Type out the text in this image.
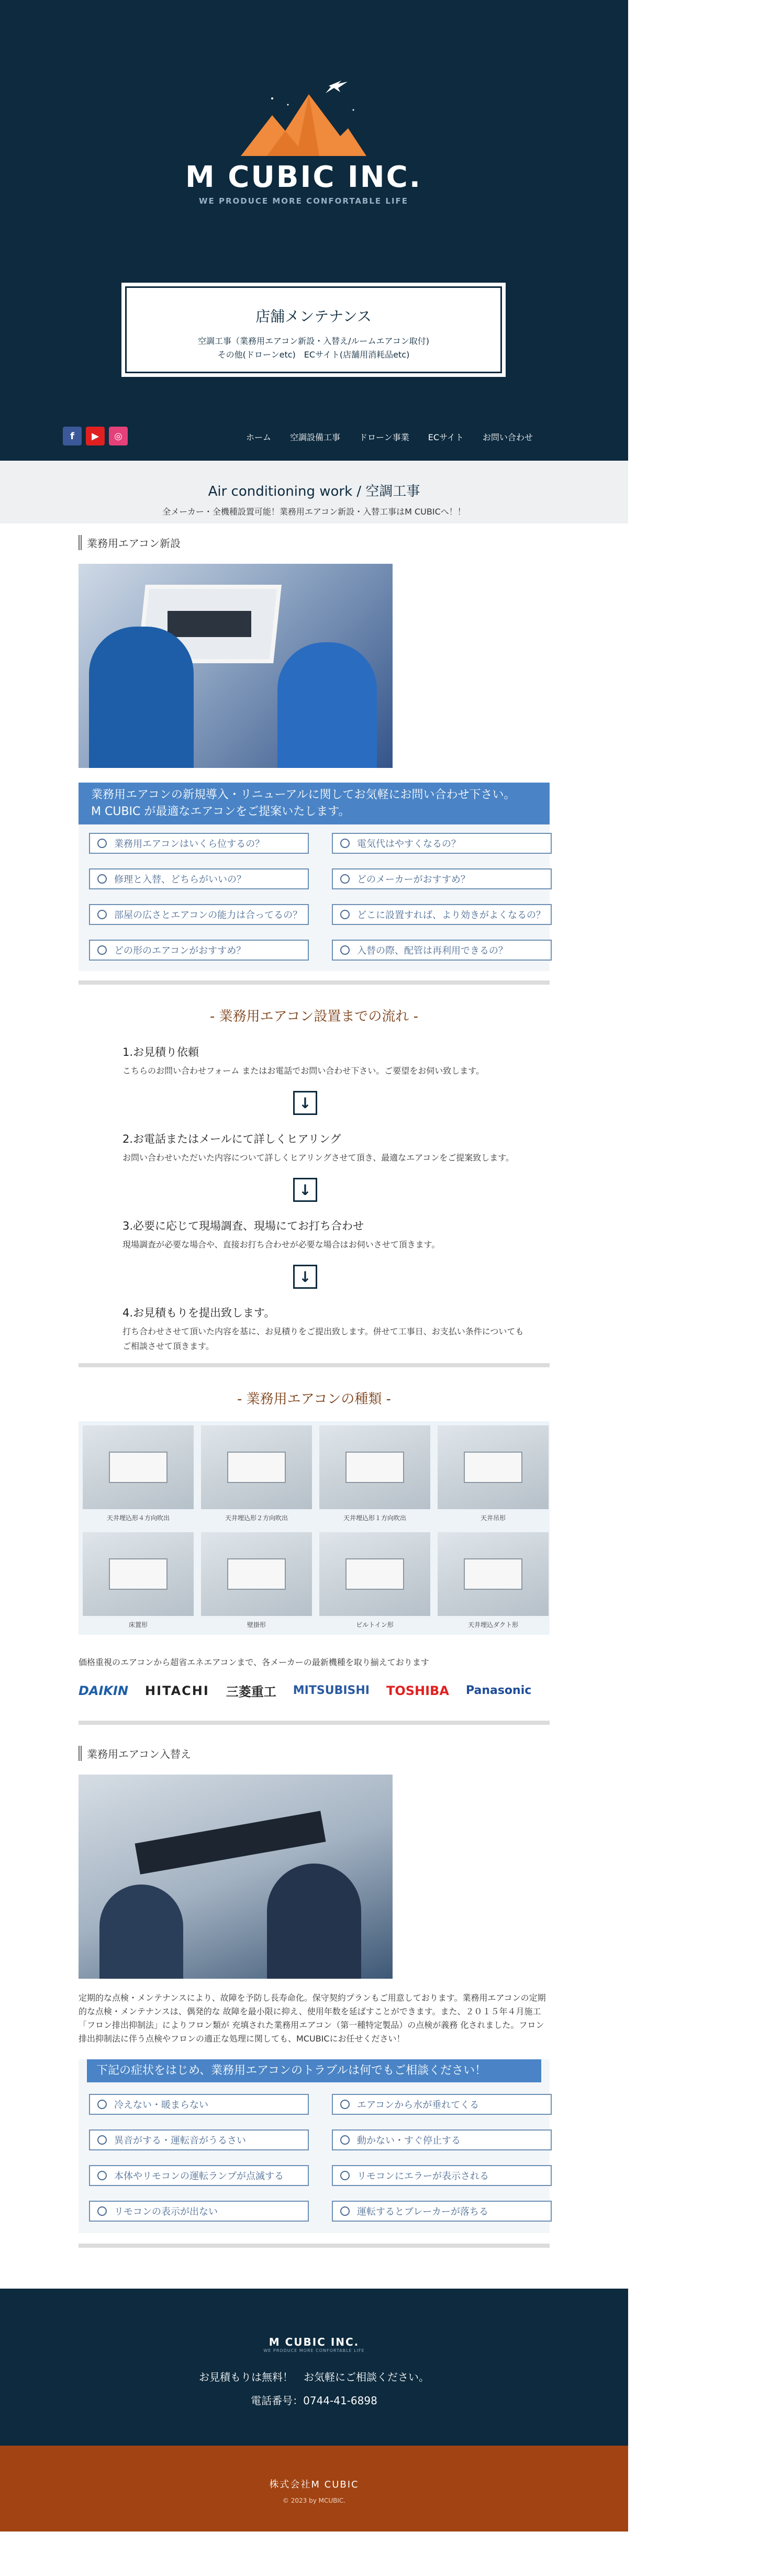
M CUBIC INC.
WE PRODUCE MORE CONFORTABLE LIFE
店舗メンテナンス
空調工事（業務用エアコン新設・入替え/ルームエアコン取付)
その他(ドローンetc)　ECサイト(店舗用消耗品etc)
f	▶	◎	ホーム 空調設備工事 ドローン事業 ECサイト お問い合わせ
Air conditioning work / 空調工事

全メーカー・全機種設置可能！業務用エアコン新設・入替工事はM CUBICへ！！

業務用エアコン新設
業務用エアコンの新規導入・リニューアルに関してお気軽にお問い合わせ下さい。
M CUBIC が最適なエアコンをご提案いたします。
業務用エアコンはいくら位するの？	電気代はやすくなるの？
修理と入替、どちらがいいの？	どのメーカーがおすすめ？
部屋の広さとエアコンの能力は合ってるの？	どこに設置すれば、より効きがよくなるの？
どの形のエアコンがおすすめ？	入替の際、配管は再利用できるの？
- 業務用エアコン設置までの流れ -
1.お見積り依頼

こちらのお問い合わせフォーム またはお電話でお問い合わせ下さい。ご要望をお伺い致します。

↓
2.お電話またはメールにて詳しくヒアリング

お問い合わせいただいた内容について詳しくヒアリングさせて頂き、最適なエアコンをご提案致します。

↓
3.必要に応じて現場調査、現場にてお打ち合わせ

現場調査が必要な場合や、直接お打ち合わせが必要な場合はお伺いさせて頂きます。

↓
4.お見積もりを提出致します。

打ち合わせさせて頂いた内容を基に、お見積りをご提出致します。併せて工事日、お支払い条件についてもご相談させて頂きます。

- 業務用エアコンの種類 -
天井埋込形４方向吹出	天井埋込形２方向吹出	天井埋込形１方向吹出	天井吊形
床置形	壁掛形	ビルトイン形	天井埋込ダクト形
価格重視のエアコンから超省エネエアコンまで、各メーカーの最新機種を取り揃えております
DAIKIN HITACHI 三菱重工 MITSUBISHI TOSHIBA Panasonic
業務用エアコン入替え
定期的な点検・メンテナンスにより、故障を予防し長寿命化。保守契約プランもご用意しております。業務用エアコンの定期的な点検・メンテナンスは、偶発的な 故障を最小限に抑え、使用年数を延ばすことができます。また、２０１５年４月施工「フロン排出抑制法」によりフロン類が 充填された業務用エアコン（第一種特定製品）の点検が義務 化されました。フロン排出抑制法に伴う点検やフロンの適正な処理に関しても、MCUBICにお任せください！
下記の症状をはじめ、業務用エアコンのトラブルは何でもご相談ください！
冷えない・暖まらない	エアコンから水が垂れてくる
異音がする・運転音がうるさい	動かない・すぐ停止する
本体やリモコンの運転ランプが点滅する	リモコンにエラーが表示される
リモコンの表示が出ない	運転するとブレーカーが落ちる
M CUBIC INC.
WE PRODUCE MORE CONFORTABLE LIFE
お見積もりは無料！　お気軽にご相談ください。
電話番号：0744-41-6898
株式会社M CUBIC
© 2023 by MCUBIC.
